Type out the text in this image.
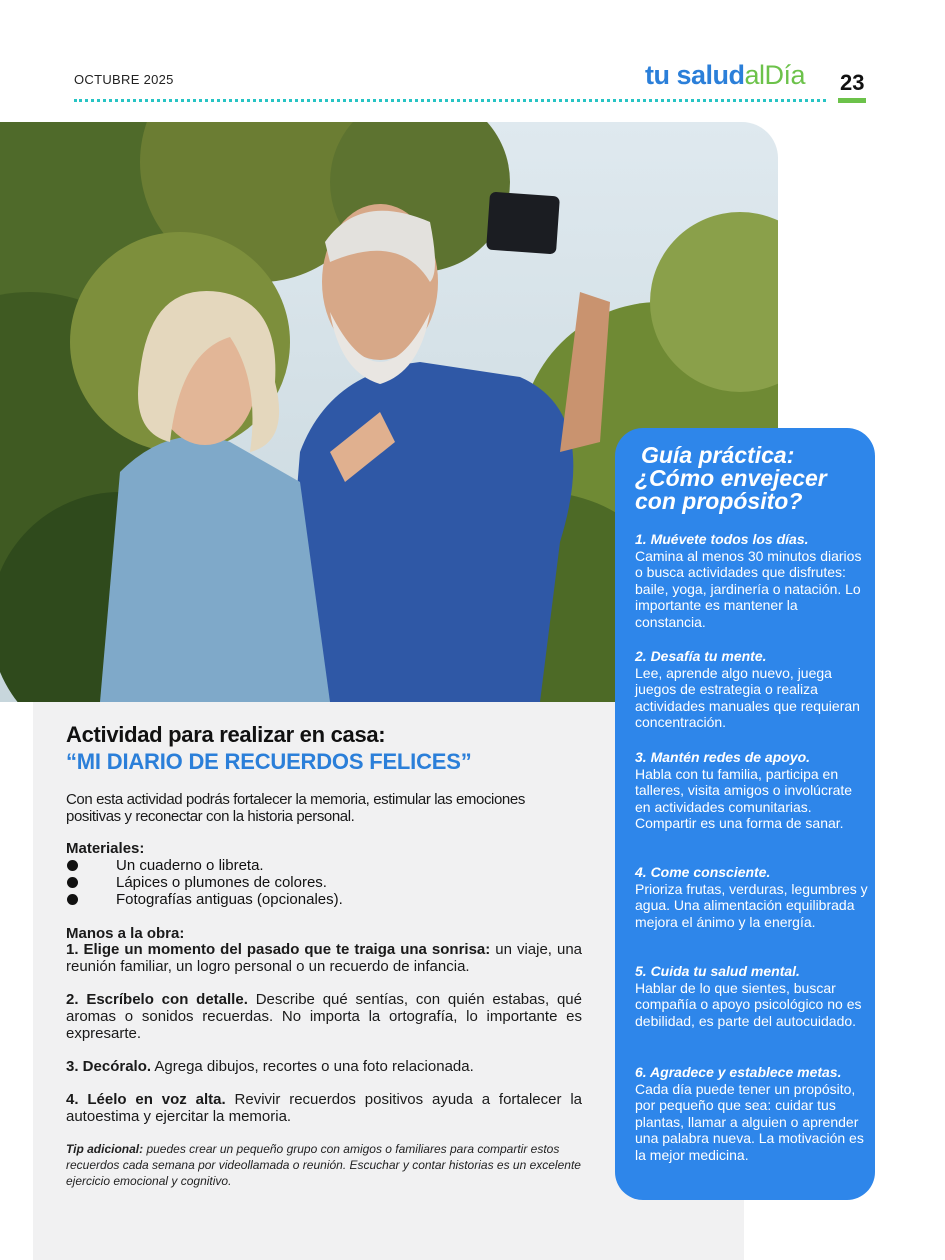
OCTUBRE 2025	tu saludalDía 23
Actividad para realizar en casa:
“MI DIARIO DE RECUERDOS FELICES”
Con esta actividad podrás fortalecer la memoria, estimular las emociones positivas y reconectar con la historia personal.
Materiales:
Un cuaderno o libreta.
Lápices o plumones de colores.
Fotografías antiguas (opcionales).
Manos a la obra:
1. Elige un momento del pasado que te traiga una sonrisa: un viaje, una reunión familiar, un logro personal o un recuerdo de infancia.
2. Escríbelo con detalle. Describe qué sentías, con quién estabas, qué aromas o sonidos recuerdas. No importa la ortografía, lo importante es expresarte.
3. Decóralo. Agrega dibujos, recortes o una foto relacionada.
4. Léelo en voz alta. Revivir recuerdos positivos ayuda a fortalecer la autoestima y ejercitar la memoria.
Tip adicional: puedes crear un pequeño grupo con amigos o familiares para compartir estos recuerdos cada semana por videollamada o reunión. Escuchar y contar historias es un excelente ejercicio emocional y cognitivo.
Guía práctica:
¿Cómo envejecer con propósito?
1. Muévete todos los días.
Camina al menos 30 minutos diarios o busca actividades que disfrutes: baile, yoga, jardinería o natación. Lo importante es mantener la constancia.
2. Desafía tu mente.
Lee, aprende algo nuevo, juega juegos de estrategia o realiza actividades manuales que requieran concentración.
3. Mantén redes de apoyo.
Habla con tu familia, participa en talleres, visita amigos o involúcrate en actividades comunitarias. Compartir es una forma de sanar.
4. Come consciente.
Prioriza frutas, verduras, legumbres y agua. Una alimentación equilibrada mejora el ánimo y la energía.
5. Cuida tu salud mental.
Hablar de lo que sientes, buscar compañía o apoyo psicológico no es debilidad, es parte del autocuidado.
6. Agradece y establece metas.
Cada día puede tener un propósito, por pequeño que sea: cuidar tus plantas, llamar a alguien o aprender una palabra nueva. La motivación es la mejor medicina.
